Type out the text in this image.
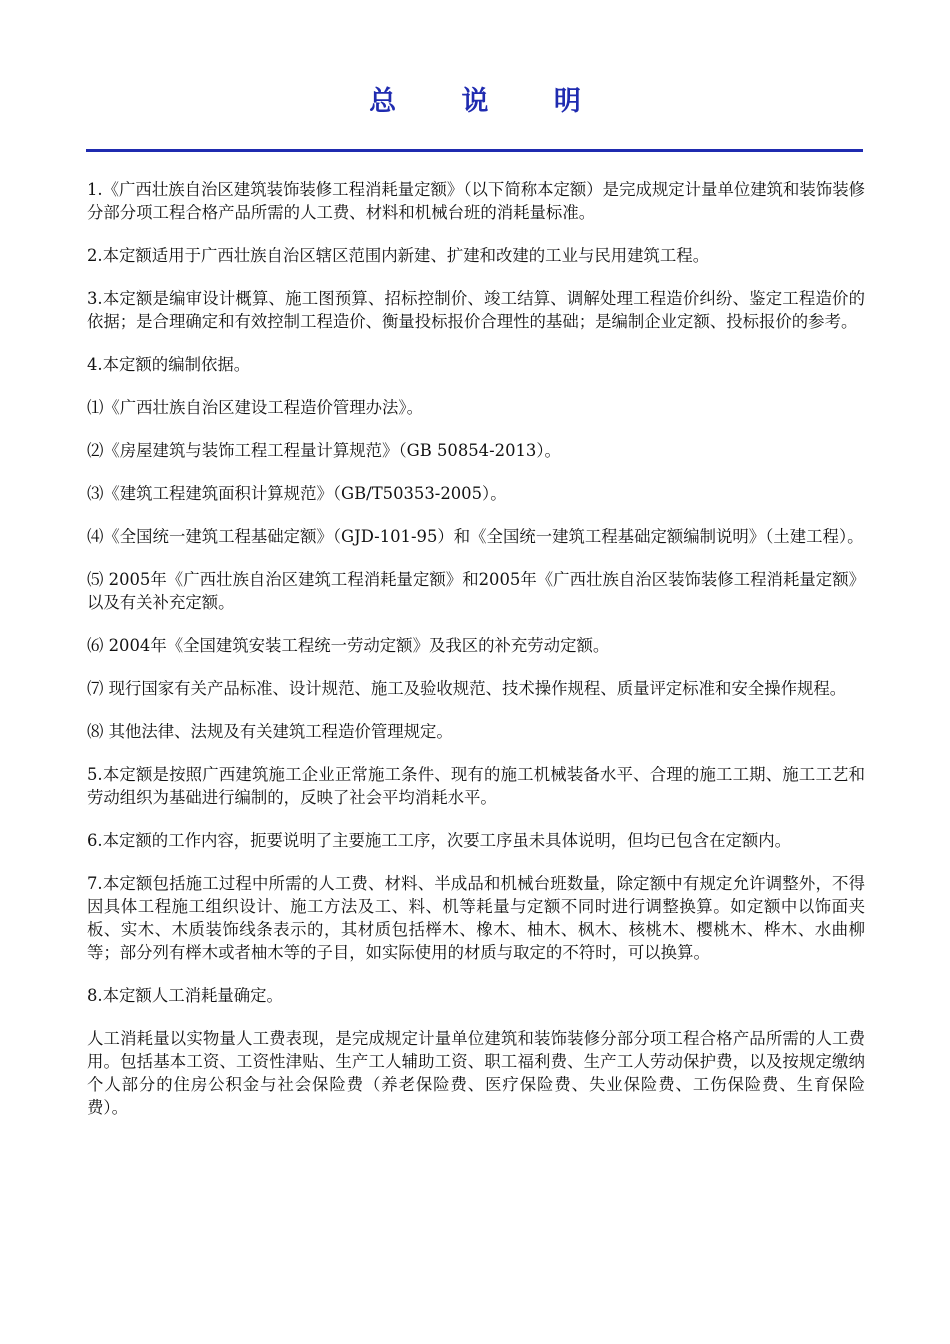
总 说 明

1.《广西壮族自治区建筑装饰装修工程消耗量定额》（以下简称本定额）是完成规定计量单位建筑和装饰装修分部分项工程合格产品所需的人工费、材料和机械台班的消耗量标准。

2.本定额适用于广西壮族自治区辖区范围内新建、扩建和改建的工业与民用建筑工程。

3.本定额是编审设计概算、施工图预算、招标控制价、竣工结算、调解处理工程造价纠纷、鉴定工程造价的依据；是合理确定和有效控制工程造价、衡量投标报价合理性的基础；是编制企业定额、投标报价的参考。

4.本定额的编制依据。

⑴《广西壮族自治区建设工程造价管理办法》。

⑵《房屋建筑与装饰工程工程量计算规范》（GB 50854-2013）。

⑶《建筑工程建筑面积计算规范》（GB/T50353-2005）。

⑷《全国统一建筑工程基础定额》（GJD-101-95）和《全国统一建筑工程基础定额编制说明》（土建工程）。

⑸ 2005年《广西壮族自治区建筑工程消耗量定额》和2005年《广西壮族自治区装饰装修工程消耗量定额》以及有关补充定额。

⑹ 2004年《全国建筑安装工程统一劳动定额》及我区的补充劳动定额。

⑺ 现行国家有关产品标准、设计规范、施工及验收规范、技术操作规程、质量评定标准和安全操作规程。

⑻ 其他法律、法规及有关建筑工程造价管理规定。

5.本定额是按照广西建筑施工企业正常施工条件、现有的施工机械装备水平、合理的施工工期、施工工艺和劳动组织为基础进行编制的，反映了社会平均消耗水平。

6.本定额的工作内容，扼要说明了主要施工工序，次要工序虽未具体说明，但均已包含在定额内。

7.本定额包括施工过程中所需的人工费、材料、半成品和机械台班数量，除定额中有规定允许调整外，不得因具体工程施工组织设计、施工方法及工、料、机等耗量与定额不同时进行调整换算。如定额中以饰面夹板、实木、木质装饰线条表示的，其材质包括榉木、橡木、柚木、枫木、核桃木、樱桃木、桦木、水曲柳等；部分列有榉木或者柚木等的子目，如实际使用的材质与取定的不符时，可以换算。

8.本定额人工消耗量确定。

人工消耗量以实物量人工费表现，是完成规定计量单位建筑和装饰装修分部分项工程合格产品所需的人工费用。包括基本工资、工资性津贴、生产工人辅助工资、职工福利费、生产工人劳动保护费，以及按规定缴纳个人部分的住房公积金与社会保险费（养老保险费、医疗保险费、失业保险费、工伤保险费、生育保险费）。
